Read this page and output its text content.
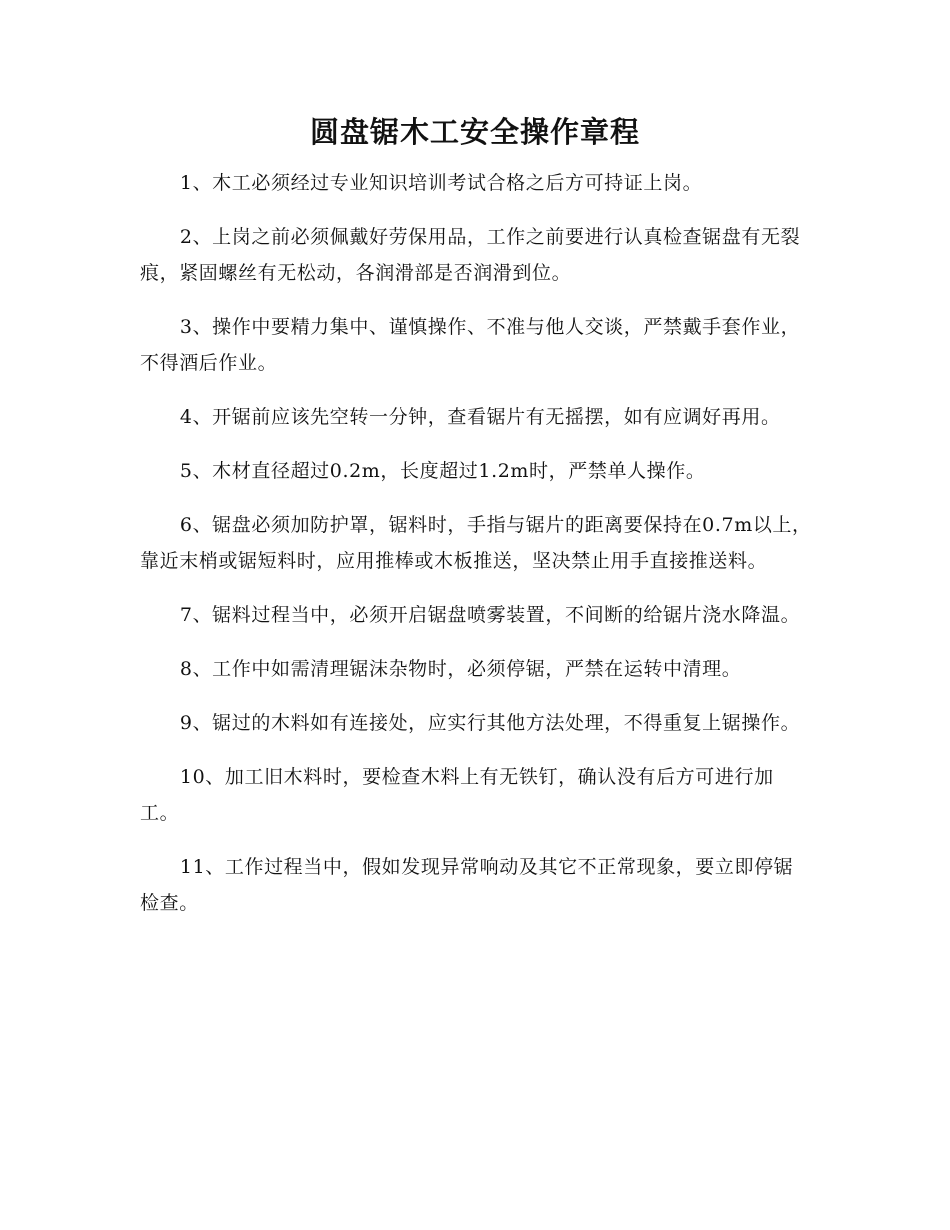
圆盘锯木工安全操作章程

1、木工必须经过专业知识培训考试合格之后方可持证上岗。

2、上岗之前必须佩戴好劳保用品，工作之前要进行认真检查锯盘有无裂痕，紧固螺丝有无松动，各润滑部是否润滑到位。

3、操作中要精力集中、谨慎操作、不准与他人交谈，严禁戴手套作业，不得酒后作业。

4、开锯前应该先空转一分钟，查看锯片有无摇摆，如有应调好再用。

5、木材直径超过0.2m，长度超过1.2m时，严禁单人操作。

6、锯盘必须加防护罩，锯料时，手指与锯片的距离要保持在0.7m以上，靠近末梢或锯短料时，应用推棒或木板推送，坚决禁止用手直接推送料。

7、锯料过程当中，必须开启锯盘喷雾装置，不间断的给锯片浇水降温。

8、工作中如需清理锯沫杂物时，必须停锯，严禁在运转中清理。

9、锯过的木料如有连接处，应实行其他方法处理，不得重复上锯操作。

10、加工旧木料时，要检查木料上有无铁钉，确认没有后方可进行加工。

11、工作过程当中，假如发现异常响动及其它不正常现象，要立即停锯检查。
